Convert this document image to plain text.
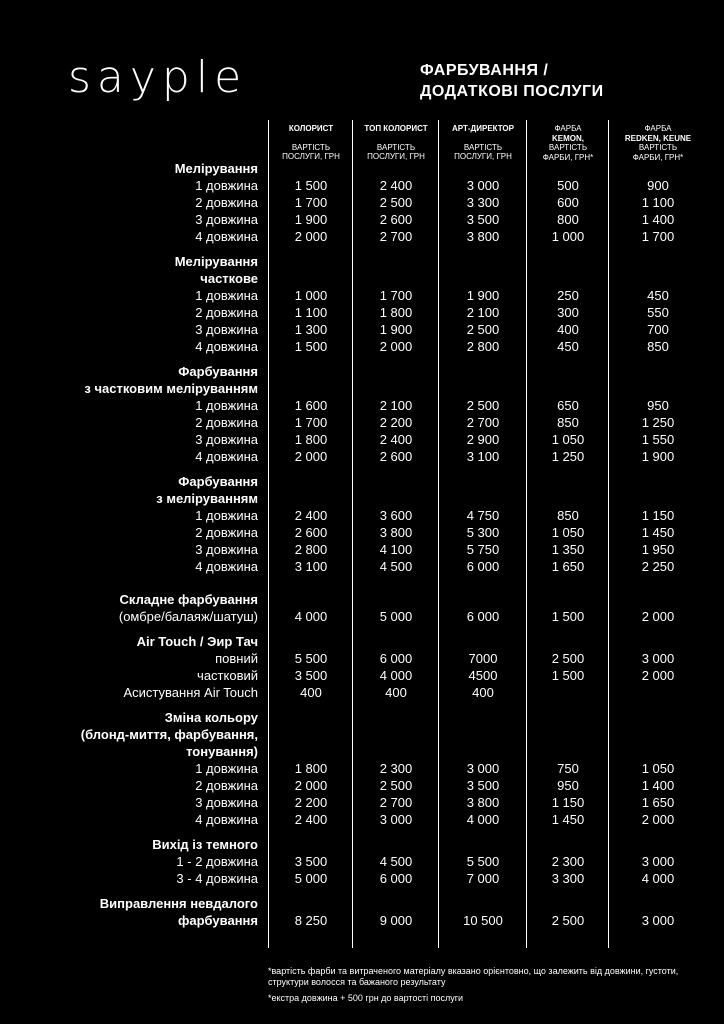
sayple	ФАРБУВАННЯ /
ДОДАТКОВІ ПОСЛУГИ
КОЛОРИСТ
ВАРТІСТЬ ПОСЛУГИ, ГРН
ТОП КОЛОРИСТ
ВАРТІСТЬ ПОСЛУГИ, ГРН
АРТ-ДИРЕКТОР
ВАРТІСТЬ ПОСЛУГИ, ГРН
ФАРБА
KEMON,
ВАРТІСТЬ ФАРБИ, ГРН*
ФАРБА
REDKEN, KEUNE
ВАРТІСТЬ ФАРБИ, ГРН*
Мелірування
1 довжина	1 500	2 400	3 000	500	900
2 довжина	1 700	2 500	3 300	600	1 100
3 довжина	1 900	2 600	3 500	800	1 400
4 довжина	2 000	2 700	3 800	1 000	1 700
Мелірування
часткове
1 довжина	1 000	1 700	1 900	250	450
2 довжина	1 100	1 800	2 100	300	550
3 довжина	1 300	1 900	2 500	400	700
4 довжина	1 500	2 000	2 800	450	850
Фарбування
з частковим меліруванням
1 довжина	1 600	2 100	2 500	650	950
2 довжина	1 700	2 200	2 700	850	1 250
3 довжина	1 800	2 400	2 900	1 050	1 550
4 довжина	2 000	2 600	3 100	1 250	1 900
Фарбування
з меліруванням
1 довжина	2 400	3 600	4 750	850	1 150
2 довжина	2 600	3 800	5 300	1 050	1 450
3 довжина	2 800	4 100	5 750	1 350	1 950
4 довжина	3 100	4 500	6 000	1 650	2 250
Складне фарбування
(омбре/балаяж/шатуш)	4 000	5 000	6 000	1 500	2 000
Air Touch / Эир Тач
повний	5 500	6 000	7000	2 500	3 000
частковий	3 500	4 000	4500	1 500	2 000
Асистування Air Touch	400	400	400
Зміна кольору
(блонд-миття, фарбування,
тонування)
1 довжина	1 800	2 300	3 000	750	1 050
2 довжина	2 000	2 500	3 500	950	1 400
3 довжина	2 200	2 700	3 800	1 150	1 650
4 довжина	2 400	3 000	4 000	1 450	2 000
Вихід із темного
1 - 2 довжина	3 500	4 500	5 500	2 300	3 000
3 - 4 довжина	5 000	6 000	7 000	3 300	4 000
Виправлення невдалого
фарбування	8 250	9 000	10 500	2 500	3 000
*вартість фарби та витраченого матеріалу вказано орієнтовно, що залежить від довжини, густоти, структури волосся та бажаного результату
*екстра довжина + 500 грн до вартості послуги
